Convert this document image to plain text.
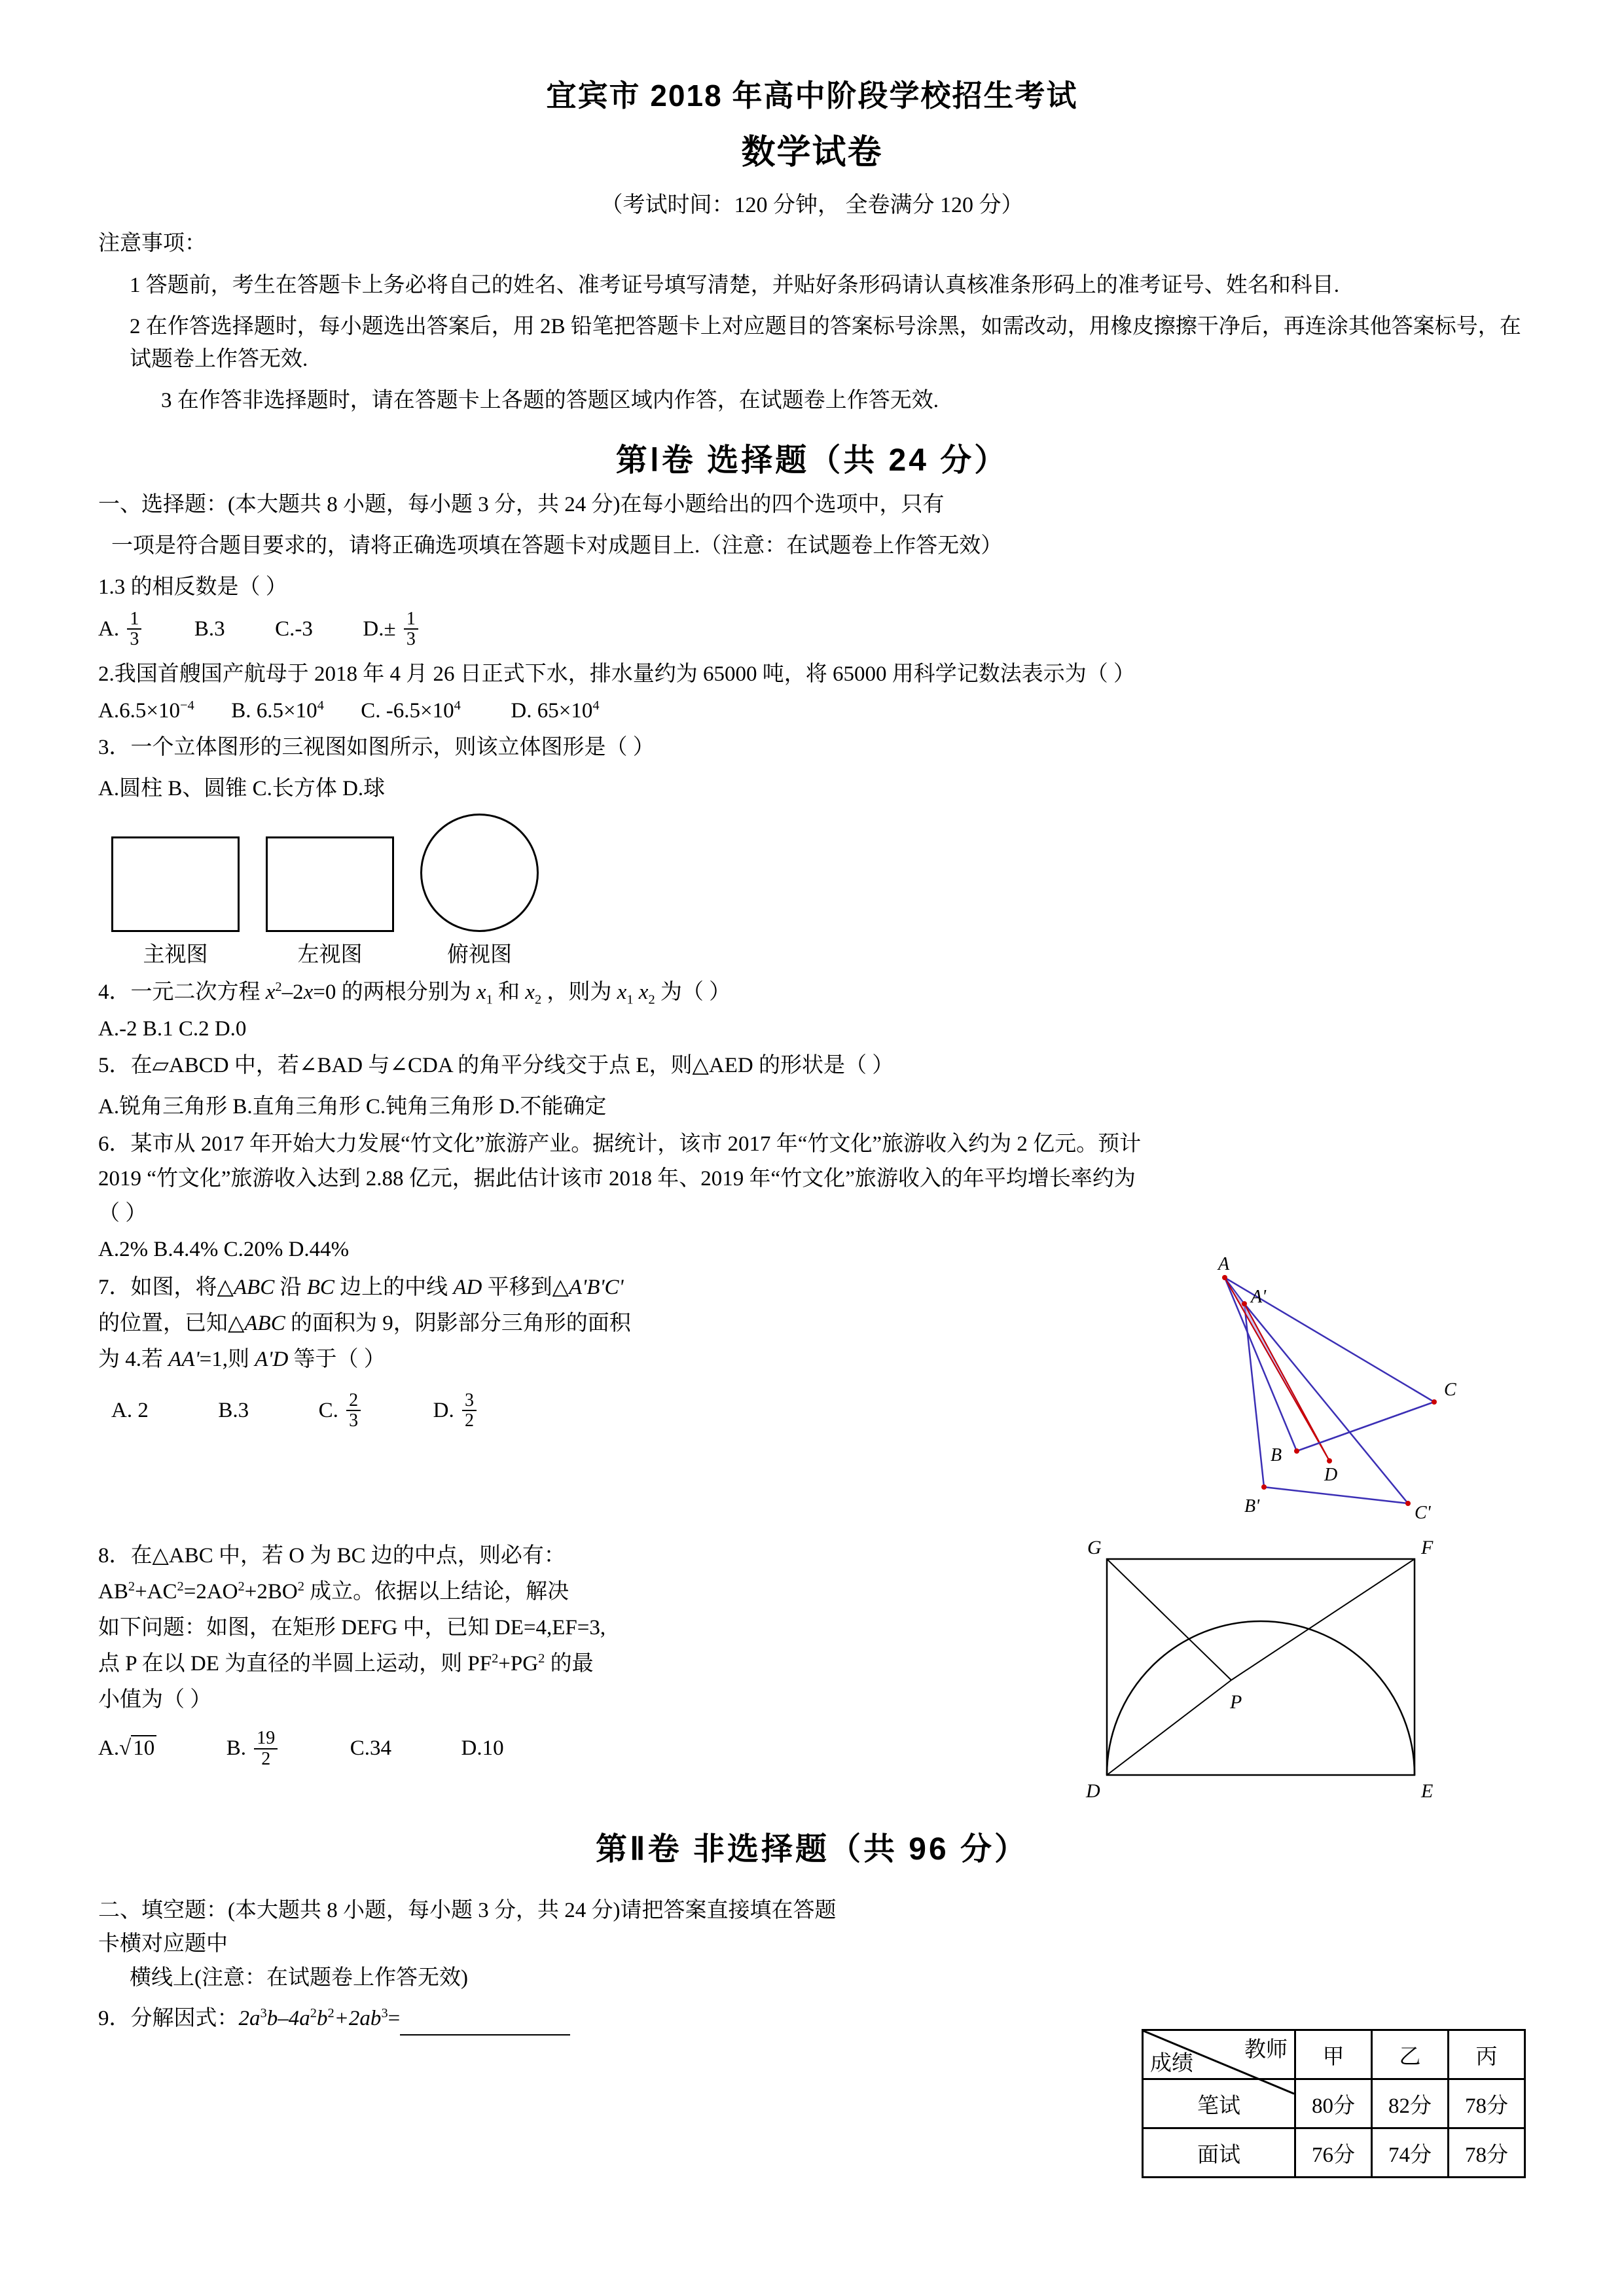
宜宾市 2018 年高中阶段学校招生考试
数学试卷
（考试时间：120 分钟， 全卷满分 120 分）
注意事项：
1 答题前，考生在答题卡上务必将自己的姓名、准考证号填写清楚，并贴好条形码请认真核准条形码上的准考证号、姓名和科目.
2 在作答选择题时，每小题选出答案后，用 2B 铅笔把答题卡上对应题目的答案标号涂黑，如需改动，用橡皮擦擦干净后，再连涂其他答案标号，在试题卷上作答无效.
3 在作答非选择题时，请在答题卡上各题的答题区域内作答，在试题卷上作答无效.
第Ⅰ卷 选择题（共 24 分）
一、选择题：(本大题共 8 小题，每小题 3 分，共 24 分)在每小题给出的四个选项中，只有
一项是符合题目要求的，请将正确选项填在答题卡对成题目上.（注意：在试题卷上作答无效）
1.3 的相反数是（ ）
A. $\frac{1}{3} B.3$ C.-3 $D.\pm \frac{1}{3}$
2.我国首艘国产航母于 2018 年 4 月 26 日正式下水，排水量约为 65000 吨，将 65000 用科学记数法表示为（ ）
$A.6.5\times 10^{-4}$ B. $6.5\times 10^4$ C. $-6.5\times 10^4$ D. $65\times 10^4$
3．一个立体图形的三视图如图所示，则该立体图形是（ ）
A.圆柱 B、圆锥 C.长方体 D.球
主视图	左视图	俯视图
4．一元二次方程 $x^2-2x=0$ 的两根分别为 $x_1$ 和 $x_2$ ，则为 $x_1$ $x_2$ 为（ ）
A.-2 B.1 C.2 D.0
5．在▱ABCD 中，若∠BAD 与∠CDA 的角平分线交于点 E，则△AED 的形状是（ ）
A.锐角三角形 B.直角三角形 C.钝角三角形 D.不能确定
6．某市从 2017 年开始大力发展“竹文化”旅游产业。据统计，该市 2017 年“竹文化”旅游收入约为 2 亿元。预计
2019 “竹文化”旅游收入达到 2.88 亿元，据此估计该市 2018 年、2019 年“竹文化”旅游收入的年平均增长率约为
（ ）
A.2% B.4.4% C.20% D.44%
7．如图，将△ABC 沿 BC 边上的中线 AD 平移到△A'B'C'
的位置，已知△ABC 的面积为 9，阴影部分三角形的面积
为 4.若 AA'=1,则 A'D 等于（ ）
A. 2	B.3	C. $\frac{2}{3}$	D. $\frac{3}{2}$
A
A'
B
C
D
B'	C'
8．在△ABC 中，若 O 为 BC 边的中点，则必有：
$AB^2+AC^2=2AO^2+2BO^2$ 成立。依据以上结论，解决
如下问题：如图，在矩形 DEFG 中，已知 DE=4,EF=3,
点 P 在以 DE 为直径的半圆上运动，则 $PF^2+PG^2$ 的最
小值为（ ）
A.√10	B. $\frac{19}{2}$	C.34	D.10
G	F
P
D	E
第Ⅱ卷 非选择题（共 96 分）
二、填空题：(本大题共 8 小题，每小题 3 分，共 24 分)请把答案直接填在答题
卡横对应题中
横线上(注意：在试题卷上作答无效)
9．分解因式：$2a^3b-4a^2b^2+2ab^3=$
教师
成绩	甲	乙	丙
笔试	80分	82分	78分
面试	76分	74分	78分
